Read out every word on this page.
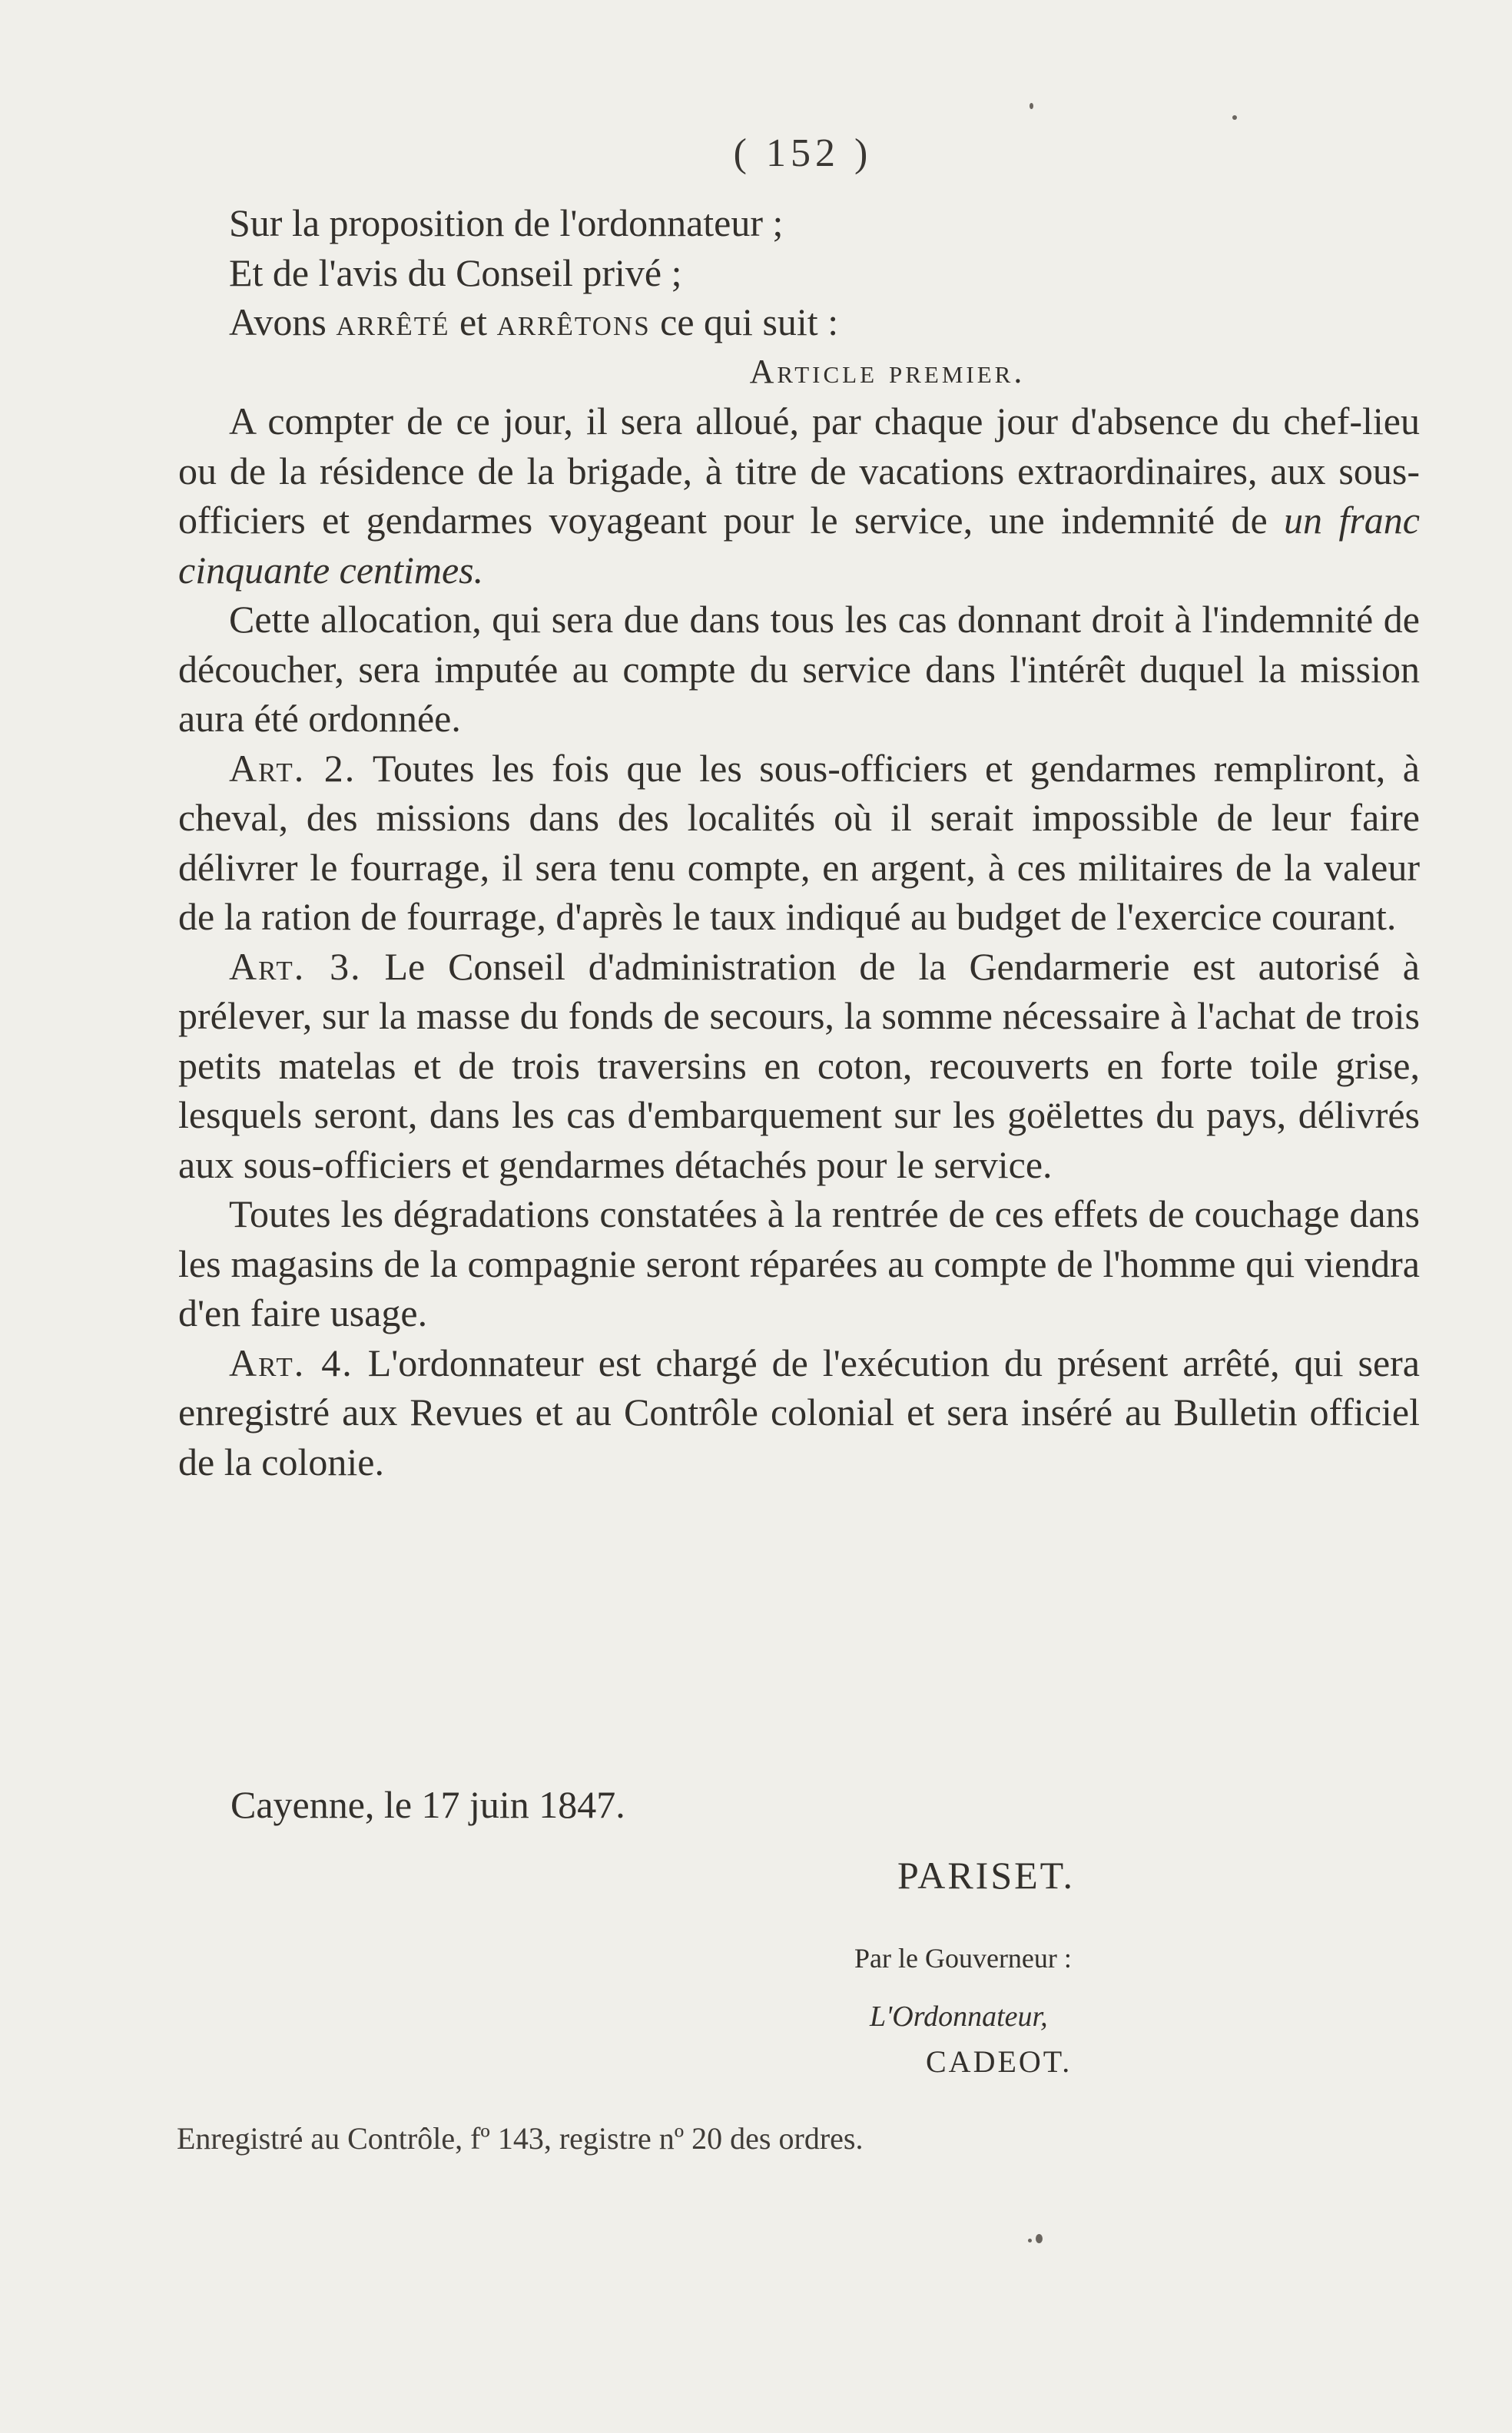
( 152 )

Sur la proposition de l'ordonnateur ;

Et de l'avis du Conseil privé ;

Avons arrêté et arrêtons ce qui suit :

Article premier.

A compter de ce jour, il sera alloué, par chaque jour d'absence du chef-lieu ou de la résidence de la brigade, à titre de vacations extraordinaires, aux sous-officiers et gendarmes voyageant pour le service, une indemnité de un franc cinquante centimes.

Cette allocation, qui sera due dans tous les cas donnant droit à l'indemnité de découcher, sera imputée au compte du service dans l'intérêt duquel la mission aura été ordonnée.

Art. 2. Toutes les fois que les sous-officiers et gendarmes rempliront, à cheval, des missions dans des localités où il serait impossible de leur faire délivrer le fourrage, il sera tenu compte, en argent, à ces militaires de la valeur de la ration de fourrage, d'après le taux indiqué au budget de l'exercice courant.

Art. 3. Le Conseil d'administration de la Gendarmerie est autorisé à prélever, sur la masse du fonds de secours, la somme nécessaire à l'achat de trois petits matelas et de trois traversins en coton, recouverts en forte toile grise, lesquels seront, dans les cas d'embarquement sur les goëlettes du pays, délivrés aux sous-officiers et gendarmes détachés pour le service.

Toutes les dégradations constatées à la rentrée de ces effets de couchage dans les magasins de la compagnie seront réparées au compte de l'homme qui viendra d'en faire usage.

Art. 4. L'ordonnateur est chargé de l'exécution du présent arrêté, qui sera enregistré aux Revues et au Contrôle colonial et sera inséré au Bulletin officiel de la colonie.

Cayenne, le 17 juin 1847.
PARISET.
Par le Gouverneur :
L'Ordonnateur,
CADEOT.
Enregistré au Contrôle, fº 143, registre nº 20 des ordres.
